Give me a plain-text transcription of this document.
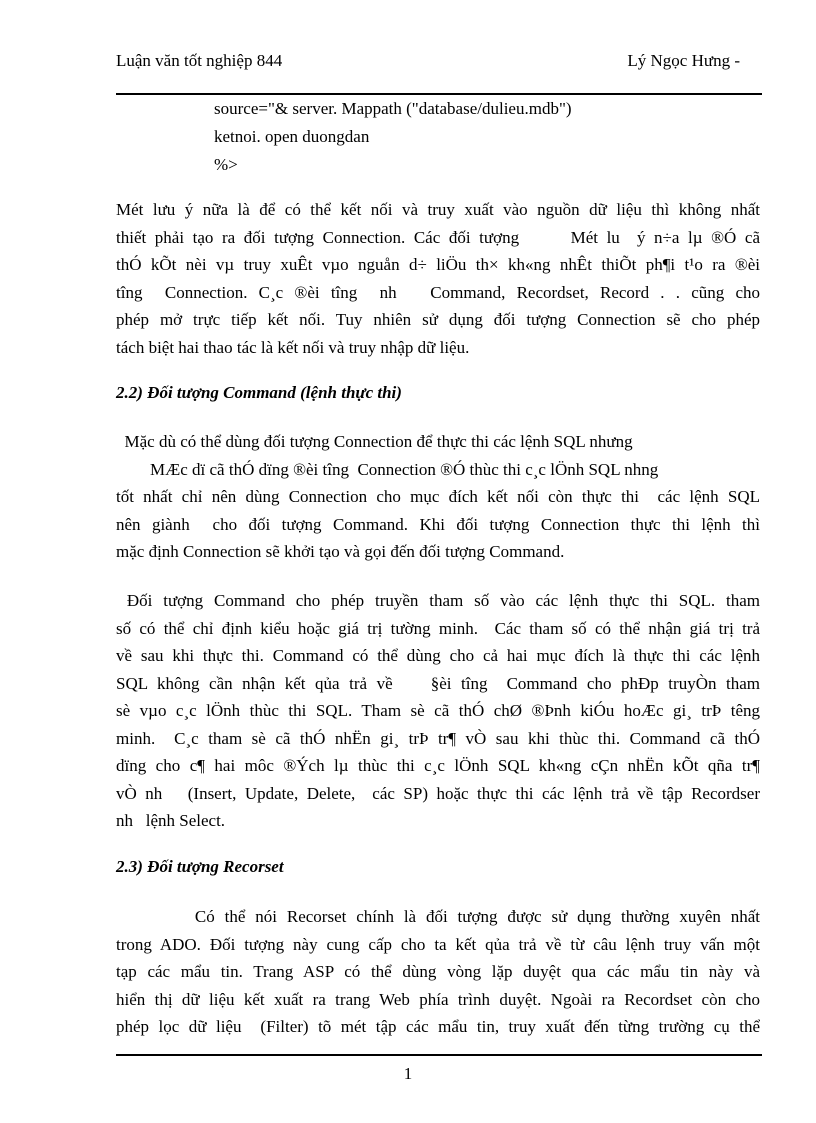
Luận văn tốt nghiệp 844	Lý Ngọc Hưng -
source="& server. Mappath ("database/dulieu.mdb")
ketnoi. open duongdan
%>
Mét lưu ý nữa là để có thể kết nối và truy xuất vào nguồn dữ liệu thì không nhất
thiết phải tạo ra đối tượng Connection. Các đối tượng      Mét lu  ý n÷a lµ ®Ó cã
thÓ kÕt nèi vµ truy xuÊt vµo nguån d÷ liÖu th× kh«ng nhÊt thiÕt ph¶i t¹o ra ®èi
tîng  Connection. C¸c ®èi tîng  nh   Command, Recordset, Record . . cũng cho
phép mở trực tiếp kết nối. Tuy nhiên sử dụng đối tượng Connection sẽ cho phép
tách biệt hai thao tác là kết nối và truy nhập dữ liệu.
2.2) Đối tượng Command (lệnh thực thi)
Mặc dù có thể dùng đối tượng Connection để thực thi các lệnh SQL nhưng
MÆc dï cã thÓ dïng ®èi tîng  Connection ®Ó thùc thi c¸c lÖnh SQL nhng
tốt nhất chỉ nên dùng Connection cho mục đích kết nối còn thực thi  các lệnh SQL
nên giành  cho đối tượng Command. Khi đối tượng Connection thực thi lệnh thì
mặc định Connection sẽ khởi tạo và gọi đến đối tượng Command.
Đối tượng Command cho phép truyền tham số vào các lệnh thực thi SQL. tham
số có thể chỉ định kiểu hoặc giá trị tường minh.  Các tham số có thể nhận giá trị trả
về sau khi thực thi. Command có thể dùng cho cả hai mục đích là thực thi các lệnh
SQL không cần nhận kết qủa trả về    §èi tîng  Command cho phÐp truyÒn tham
sè vµo c¸c lÖnh thùc thi SQL. Tham sè cã thÓ chØ ®Þnh kiÓu hoÆc gi¸ trÞ têng
minh.  C¸c tham sè cã thÓ nhËn gi¸ trÞ tr¶ vÒ sau khi thùc thi. Command cã thÓ
dïng cho c¶ hai môc ®Ých lµ thùc thi c¸c lÖnh SQL kh«ng cÇn nhËn kÕt qña tr¶
vÒ nh   (Insert, Update, Delete,  các SP) hoặc thực thi các lệnh trả về tập Recordser
nh   lệnh Select.
2.3) Đối tượng Recorset
Có thể nói Recorset chính là đối tượng được sử dụng thường xuyên nhất
trong ADO. Đối tượng này cung cấp cho ta kết qủa trả về từ câu lệnh truy vấn một
tạp các mẩu tin. Trang ASP có thể dùng vòng lặp duyệt qua các mẩu tin này và
hiển thị dữ liệu kết xuất ra trang Web phía trình duyệt. Ngoài ra Recordset còn cho
phép lọc dữ liệu  (Filter) tõ mét tập các mẩu tin, truy xuất đến từng trường cụ thể
1
